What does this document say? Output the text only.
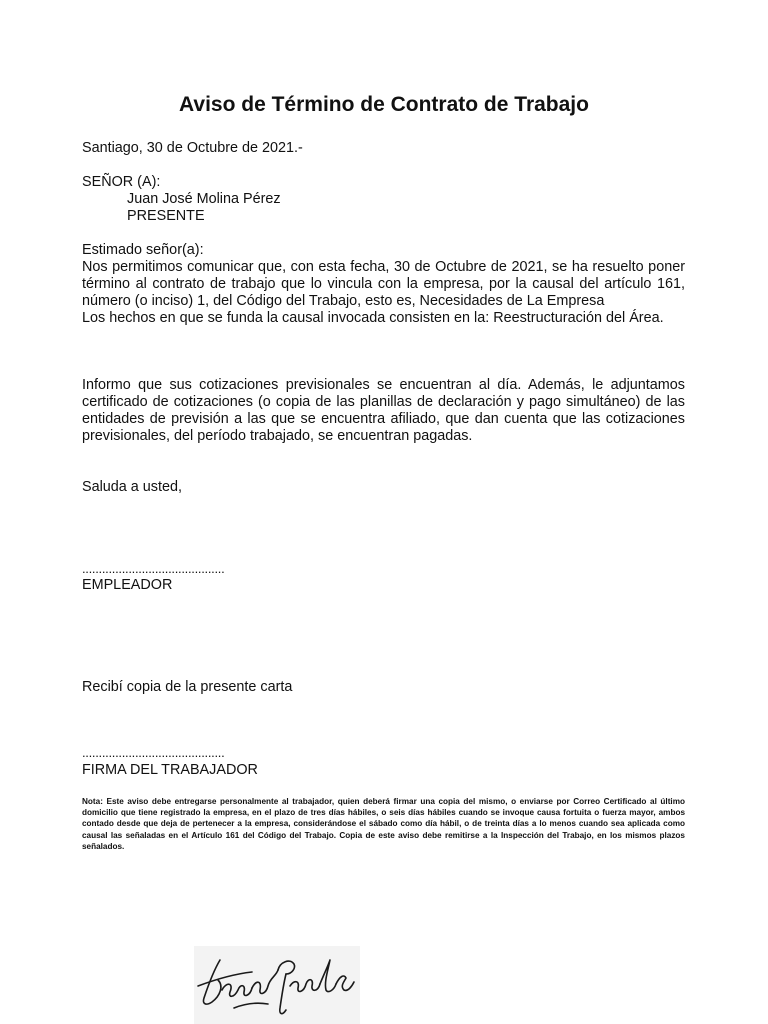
Aviso de Término de Contrato de Trabajo

Santiago, 30 de Octubre de 2021.-

SEÑOR (A):

Juan José Molina Pérez

PRESENTE

Estimado señor(a):

Nos permitimos comunicar que, con esta fecha, 30 de Octubre de 2021, se ha resuelto poner término al contrato de trabajo que lo vincula con la empresa, por la causal del artículo 161, número (o inciso) 1, del Código del Trabajo, esto es, Necesidades de La Empresa
Los hechos en que se funda la causal invocada consisten en la: Reestructuración del Área.

Informo que sus cotizaciones previsionales se encuentran al día. Además, le adjuntamos certificado de cotizaciones (o copia de las planillas de declaración y pago simultáneo) de las entidades de previsión a las que se encuentra afiliado, que dan cuenta que las cotizaciones previsionales, del período trabajado, se encuentran pagadas.

Saluda a usted,

...........................................

EMPLEADOR

Recibí copia de la presente carta

...........................................

FIRMA DEL TRABAJADOR

Nota: Este aviso debe entregarse personalmente al trabajador, quien deberá firmar una copia del mismo, o enviarse por Correo Certificado al último domicilio que tiene registrado la empresa, en el plazo de tres días hábiles, o seis días hábiles cuando se invoque causa fortuita o fuerza mayor, ambos contado desde que deja de pertenecer a la empresa, considerándose el sábado como día hábil, o de treinta días a lo menos cuando sea aplicada como causal las señaladas en el Artículo 161 del Código del Trabajo. Copia de este aviso debe remitirse a la Inspección del Trabajo, en los mismos plazos señalados.
